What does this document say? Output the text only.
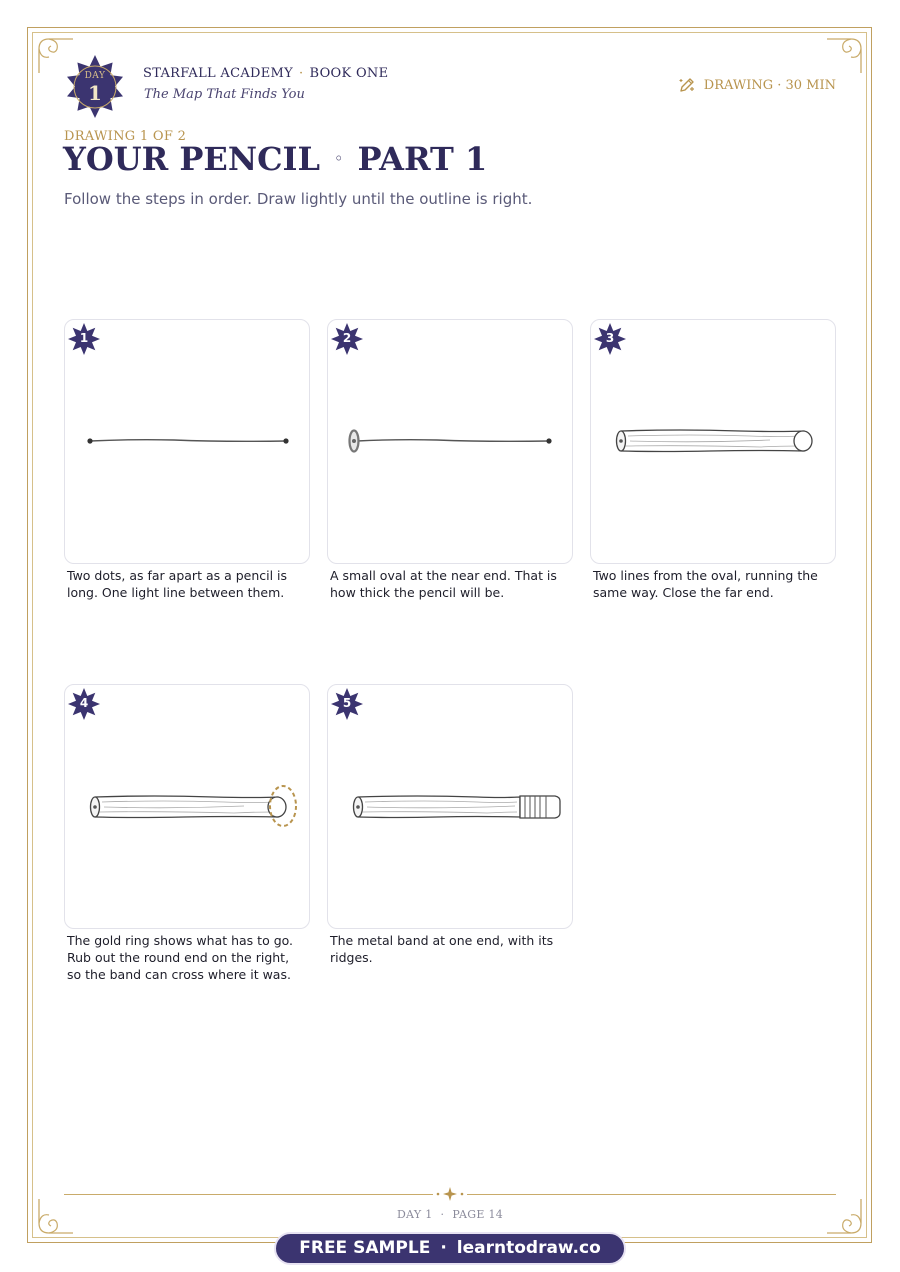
DAY
1
STARFALL ACADEMY · BOOK ONE
The Map That Finds You
DRAWING · 30 MIN
DRAWING 1 OF 2
YOUR PENCIL ◦ PART 1
Follow the steps in order. Draw lightly until the outline is right.
1
Two dots, as far apart as a pencil is long. One light line between them.
2
A small oval at the near end. That is how thick the pencil will be.
3
Two lines from the oval, running the same way. Close the far end.
4
The gold ring shows what has to go. Rub out the round end on the right, so the band can cross where it was.
5
The metal band at one end, with its ridges.
DAY 1 · PAGE 14
FREE SAMPLE · learntodraw.co
